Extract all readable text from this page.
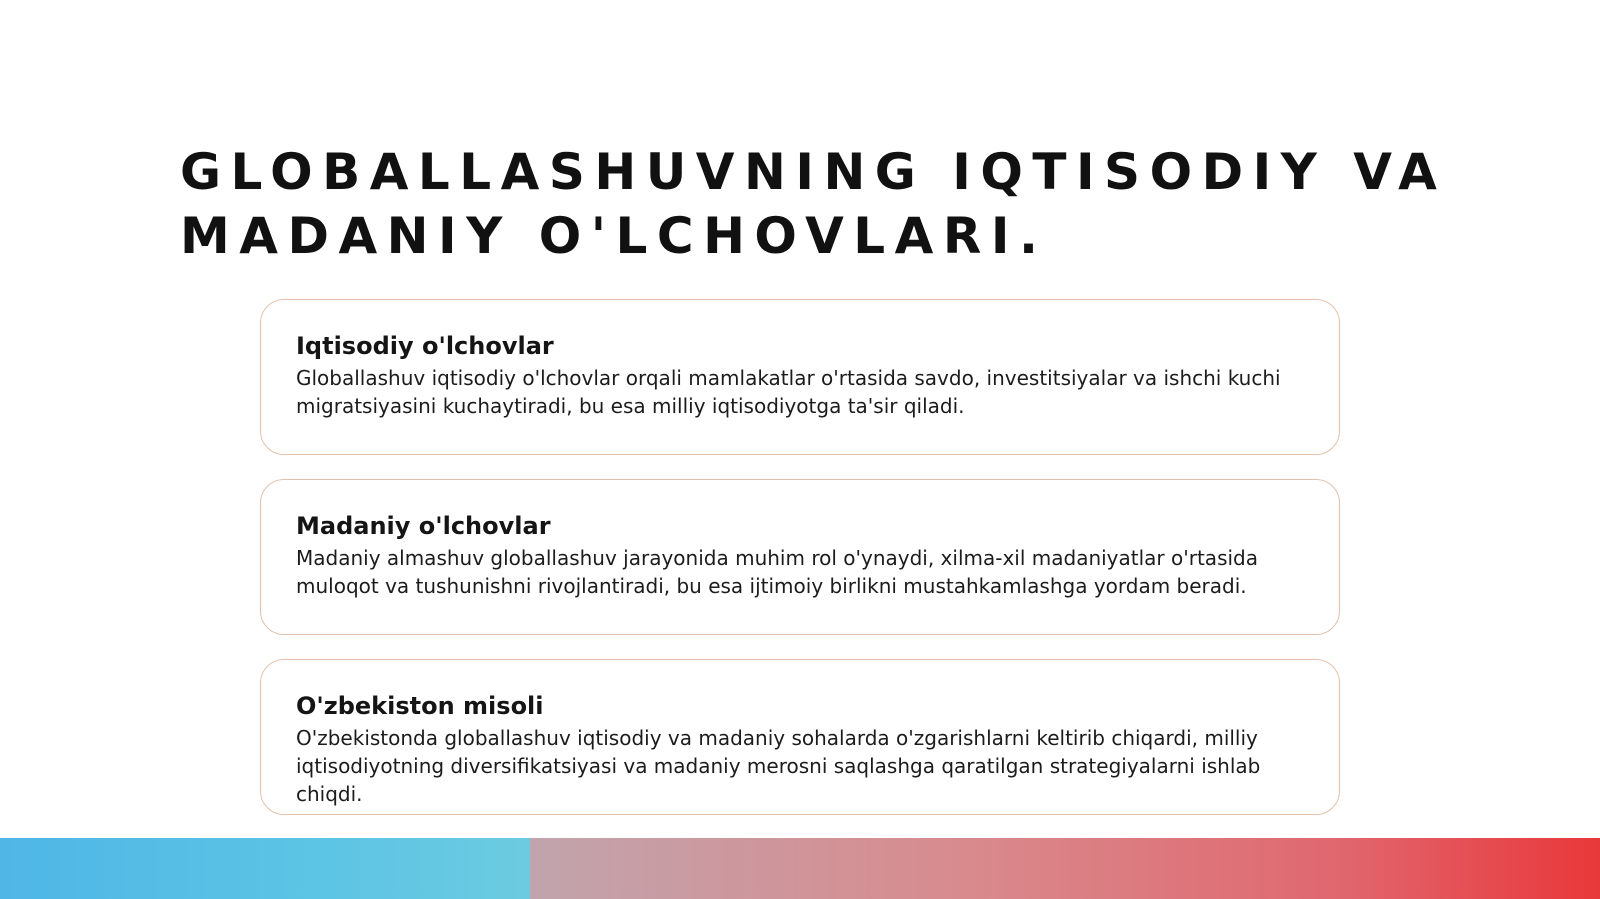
GLOBALLASHUVNING IQTISODIY VA MADANIY O'LCHOVLARI.
Iqtisodiy o'lchovlar

Globallashuv iqtisodiy o'lchovlar orqali mamlakatlar o'rtasida savdo, investitsiyalar va ishchi kuchi migratsiyasini kuchaytiradi, bu esa milliy iqtisodiyotga ta'sir qiladi.

Madaniy o'lchovlar

Madaniy almashuv globallashuv jarayonida muhim rol o'ynaydi, xilma-xil madaniyatlar o'rtasida muloqot va tushunishni rivojlantiradi, bu esa ijtimoiy birlikni mustahkamlashga yordam beradi.

O'zbekiston misoli

O'zbekistonda globallashuv iqtisodiy va madaniy sohalarda o'zgarishlarni keltirib chiqardi, milliy iqtisodiyotning diversifikatsiyasi va madaniy merosni saqlashga qaratilgan strategiyalarni ishlab chiqdi.
